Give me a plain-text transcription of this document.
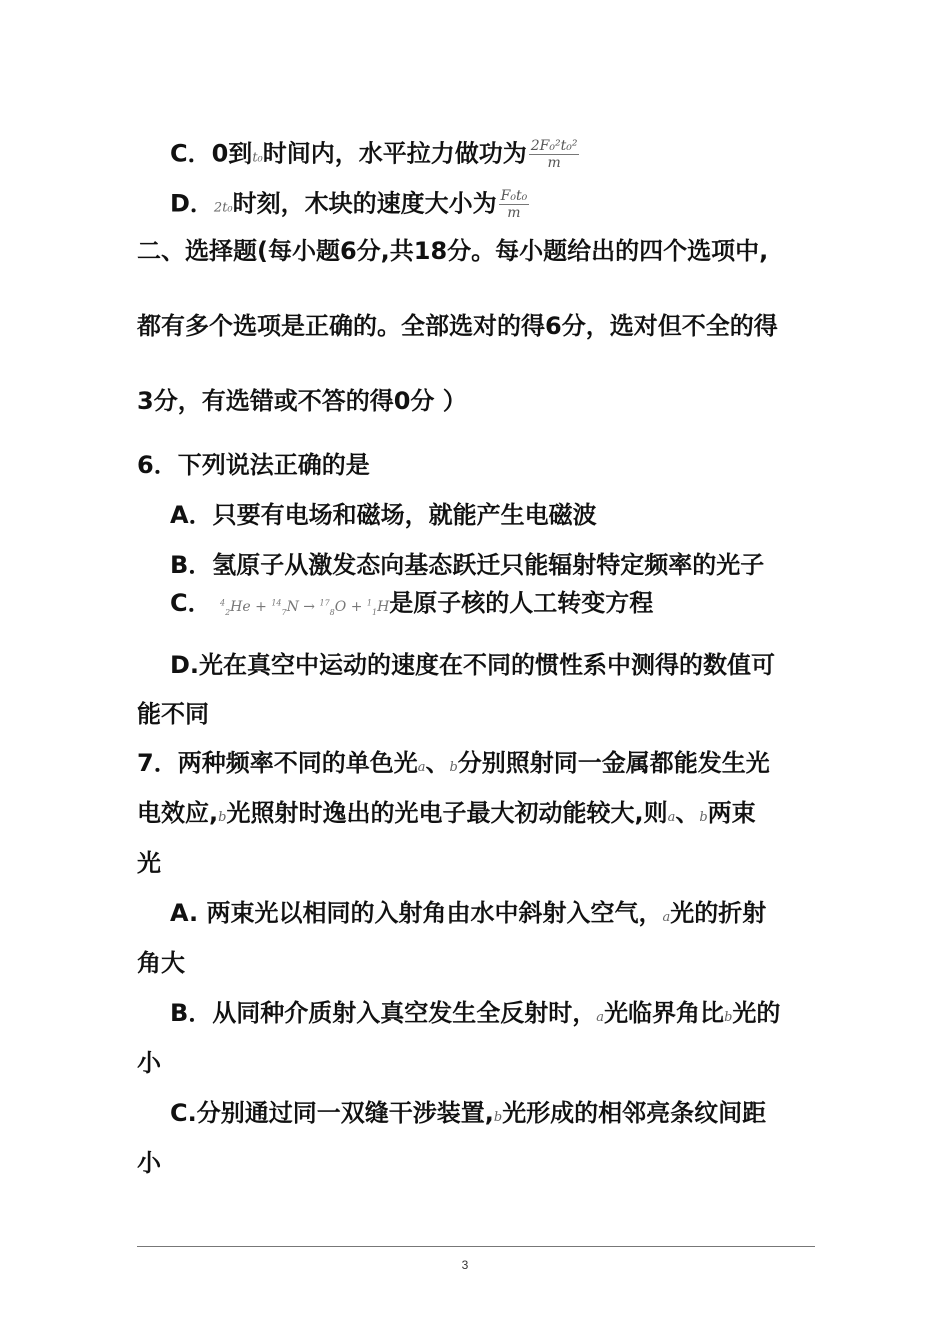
C．0到t₀时间内，水平拉力做功为 $\frac{\text{2F₀²t₀²}}{m}$
D．2t₀时刻，木块的速度大小为 $\frac{\text{F₀t₀}}{m}$
二、选择题(每小题6分,共18分。每小题给出的四个选项中,
都有多个选项是正确的。全部选对的得6分，选对但不全的得
3分，有选错或不答的得0分 ）
6．下列说法正确的是
A．只要有电场和磁场，就能产生电磁波
B．氢原子从激发态向基态跃迁只能辐射特定频率的光子
C． $^4_2$He + $^{14}_7$N → $^{17}_8$O + $^1_1$H是原子核的人工转变方程
D.光在真空中运动的速度在不同的惯性系中测得的数值可
能不同
7．两种频率不同的单色光a、b分别照射同一金属都能发生光
电效应,b光照射时逸出的光电子最大初动能较大,则a、b两束
光
A. 两束光以相同的入射角由水中斜射入空气，a光的折射
角大
B．从同种介质射入真空发生全反射时，a光临界角比b光的
小
C.分别通过同一双缝干涉装置,b光形成的相邻亮条纹间距
小
3
